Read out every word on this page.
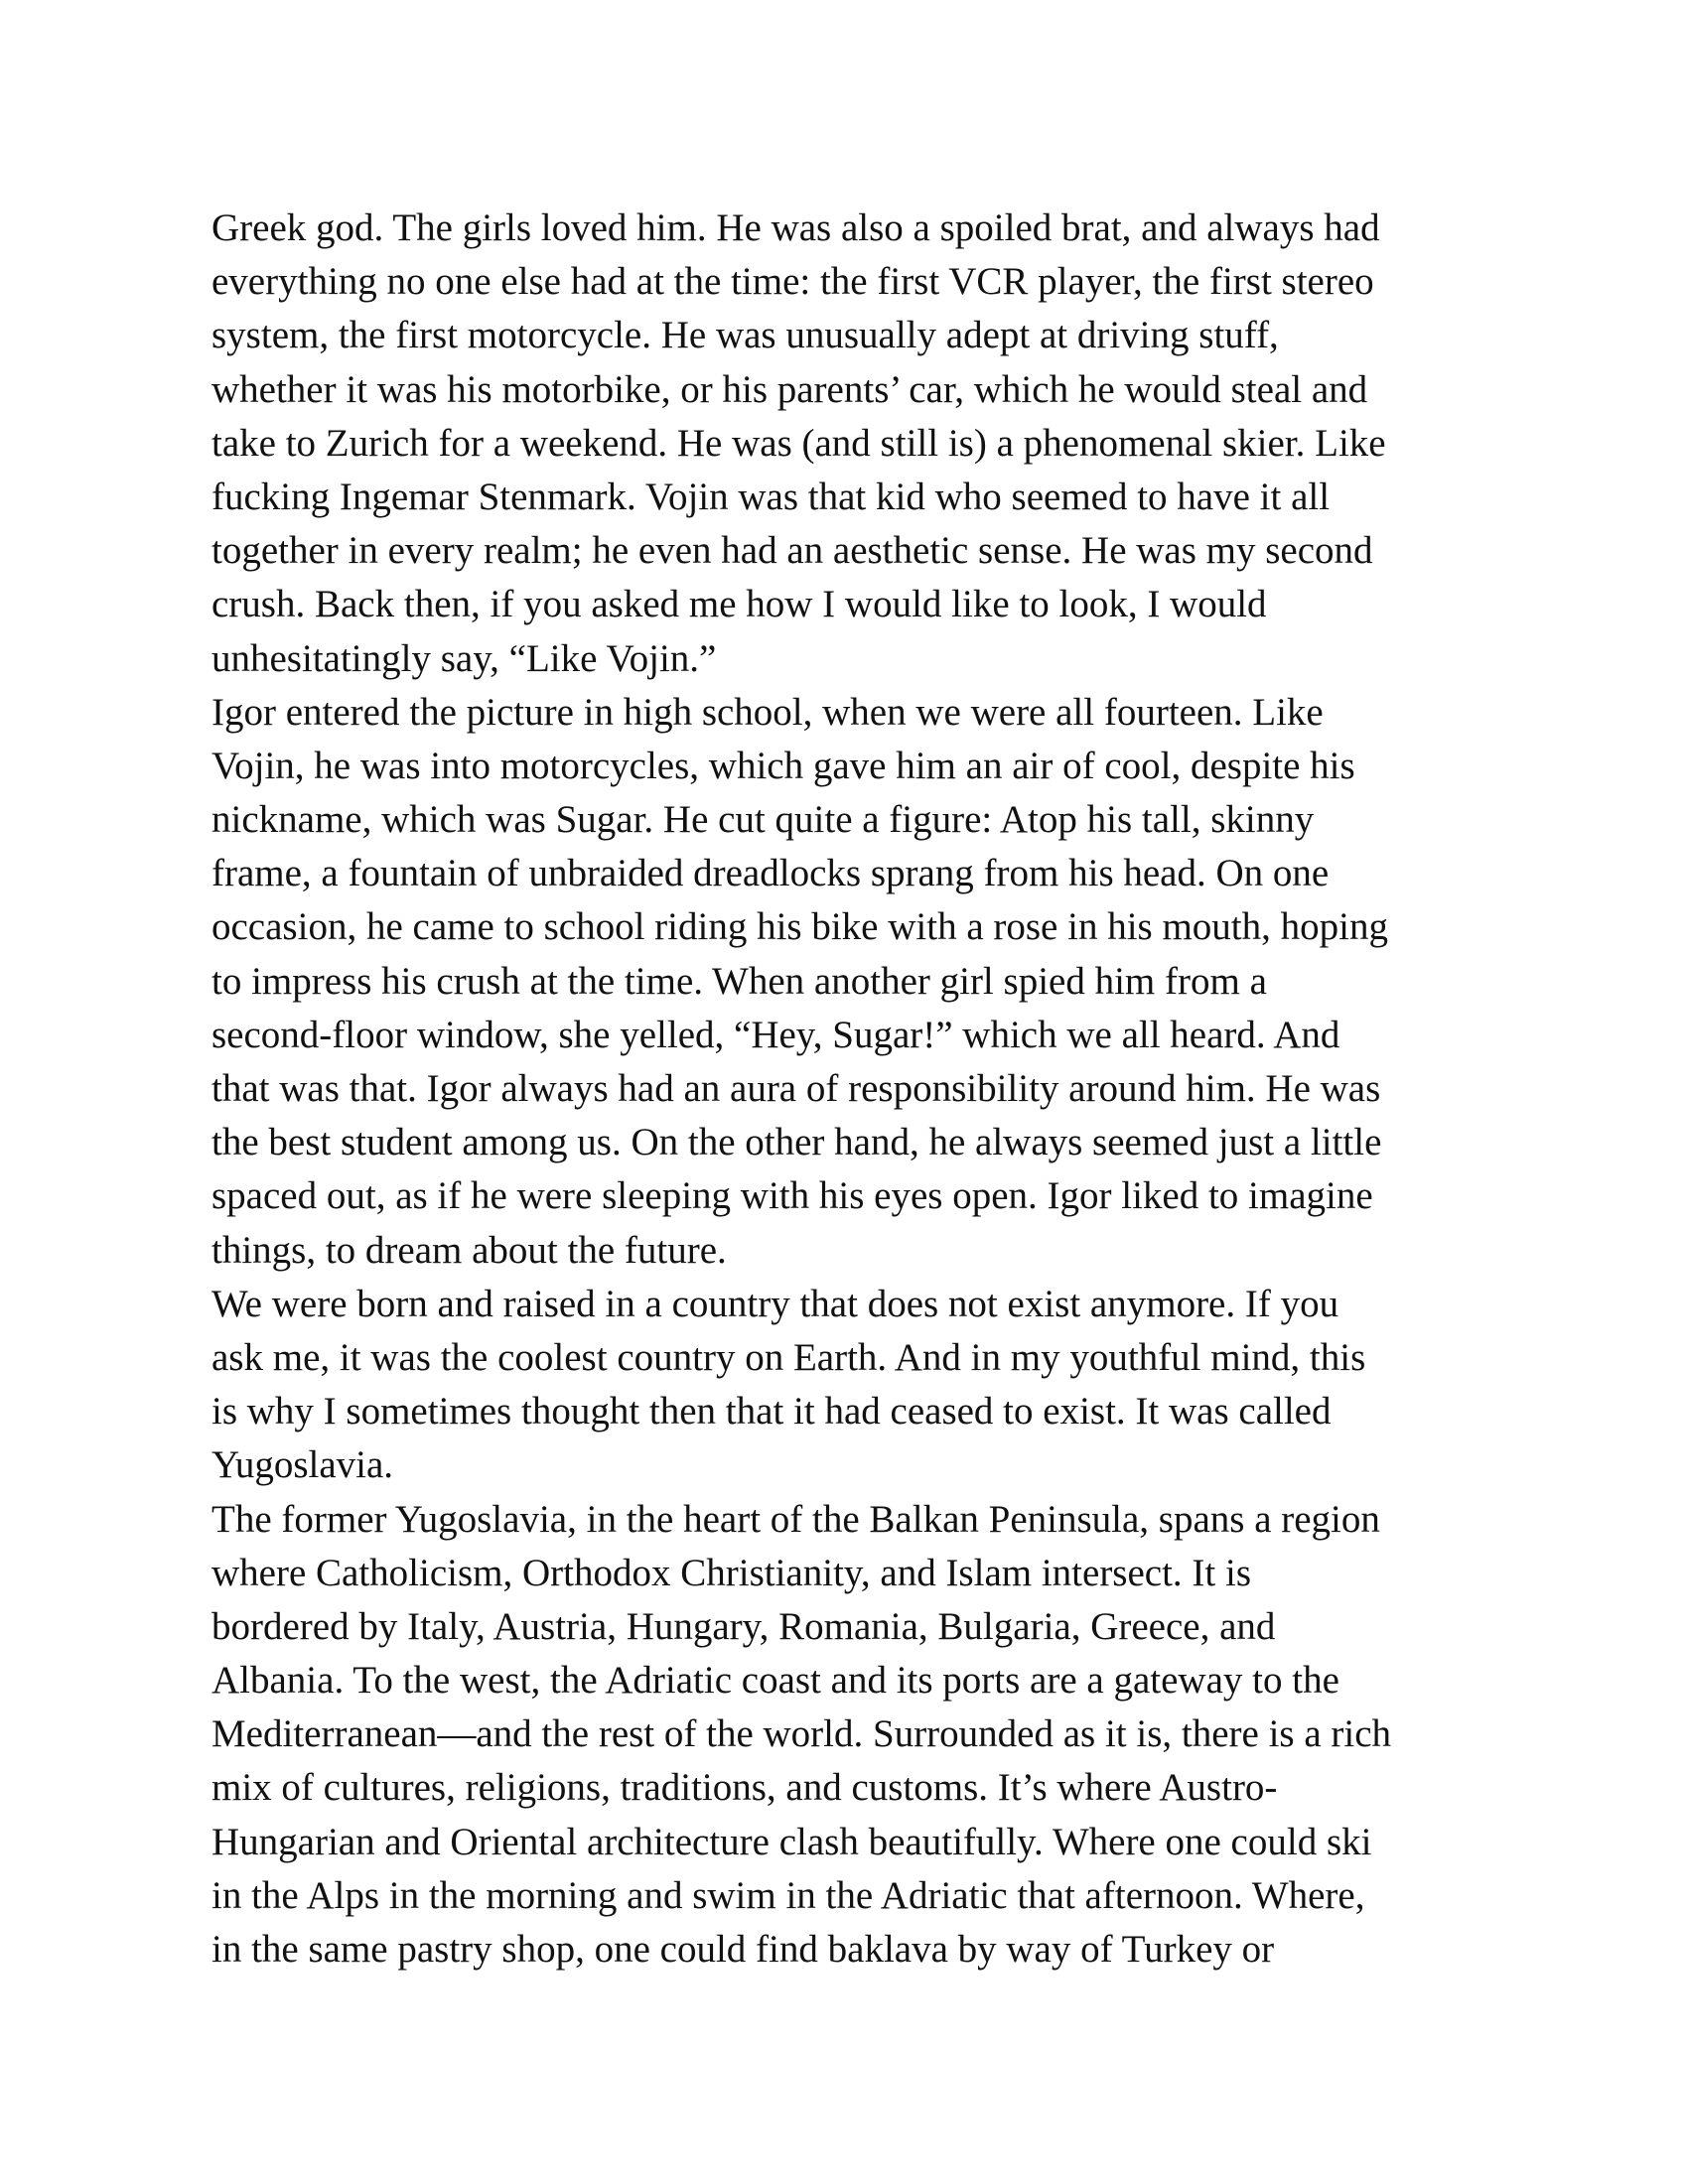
Greek god. The girls loved him. He was also a spoiled brat, and always had
everything no one else had at the time: the first VCR player, the first stereo
system, the first motorcycle. He was unusually adept at driving stuff,
whether it was his motorbike, or his parents’ car, which he would steal and
take to Zurich for a weekend. He was (and still is) a phenomenal skier. Like
fucking Ingemar Stenmark. Vojin was that kid who seemed to have it all
together in every realm; he even had an aesthetic sense. He was my second
crush. Back then, if you asked me how I would like to look, I would
unhesitatingly say, “Like Vojin.”
Igor entered the picture in high school, when we were all fourteen. Like
Vojin, he was into motorcycles, which gave him an air of cool, despite his
nickname, which was Sugar. He cut quite a figure: Atop his tall, skinny
frame, a fountain of unbraided dreadlocks sprang from his head. On one
occasion, he came to school riding his bike with a rose in his mouth, hoping
to impress his crush at the time. When another girl spied him from a
second-floor window, she yelled, “Hey, Sugar!” which we all heard. And
that was that. Igor always had an aura of responsibility around him. He was
the best student among us. On the other hand, he always seemed just a little
spaced out, as if he were sleeping with his eyes open. Igor liked to imagine
things, to dream about the future.
We were born and raised in a country that does not exist anymore. If you
ask me, it was the coolest country on Earth. And in my youthful mind, this
is why I sometimes thought then that it had ceased to exist. It was called
Yugoslavia.
The former Yugoslavia, in the heart of the Balkan Peninsula, spans a region
where Catholicism, Orthodox Christianity, and Islam intersect. It is
bordered by Italy, Austria, Hungary, Romania, Bulgaria, Greece, and
Albania. To the west, the Adriatic coast and its ports are a gateway to the
Mediterranean—and the rest of the world. Surrounded as it is, there is a rich
mix of cultures, religions, traditions, and customs. It’s where Austro-
Hungarian and Oriental architecture clash beautifully. Where one could ski
in the Alps in the morning and swim in the Adriatic that afternoon. Where,
in the same pastry shop, one could find baklava by way of Turkey or
